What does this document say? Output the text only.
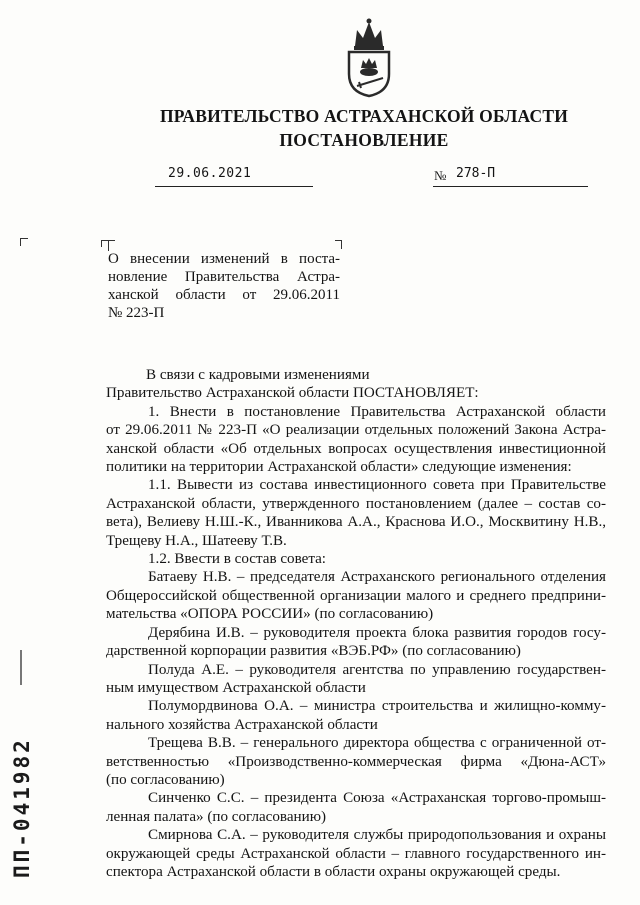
ПРАВИТЕЛЬСТВО АСТРАХАНСКОЙ ОБЛАСТИ
ПОСТАНОВЛЕНИЕ
29.06.2021	№ 278-П
О внесении изменений в поста-
новление Правительства Астра-
ханской области от 29.06.2011
№ 223-П
В связи с кадровыми изменениями
Правительство Астраханской области ПОСТАНОВЛЯЕТ:
1. Внести в постановление Правительства Астраханской области
от 29.06.2011 № 223-П «О реализации отдельных положений Закона Астра-
ханской области «Об отдельных вопросах осуществления инвестиционной
политики на территории Астраханской области» следующие изменения:
1.1. Вывести из состава инвестиционного совета при Правительстве
Астраханской области, утвержденного постановлением (далее – состав со-
вета), Велиеву Н.Ш.-К., Иванникова А.А., Краснова И.О., Москвитину Н.В.,
Трещеву Н.А., Шатееву Т.В.
1.2. Ввести в состав совета:
Батаеву Н.В. – председателя Астраханского регионального отделения
Общероссийской общественной организации малого и среднего предприни-
мательства «ОПОРА РОССИИ» (по согласованию)
Дерябина И.В. – руководителя проекта блока развития городов госу-
дарственной корпорации развития «ВЭБ.РФ» (по согласованию)
Полуда А.Е. – руководителя агентства по управлению государствен-
ным имуществом Астраханской области
Полумордвинова О.А. – министра строительства и жилищно-комму-
нального хозяйства Астраханской области
Трещева В.В. – генерального директора общества с ограниченной от-
ветственностью «Производственно-коммерческая фирма «Дюна-АСТ»
(по согласованию)
Синченко С.С. – президента Союза «Астраханская торгово-промыш-
ленная палата» (по согласованию)
Смирнова С.А. – руководителя службы природопользования и охраны
окружающей среды Астраханской области – главного государственного ин-
спектора Астраханской области в области охраны окружающей среды.
ПП-041982
